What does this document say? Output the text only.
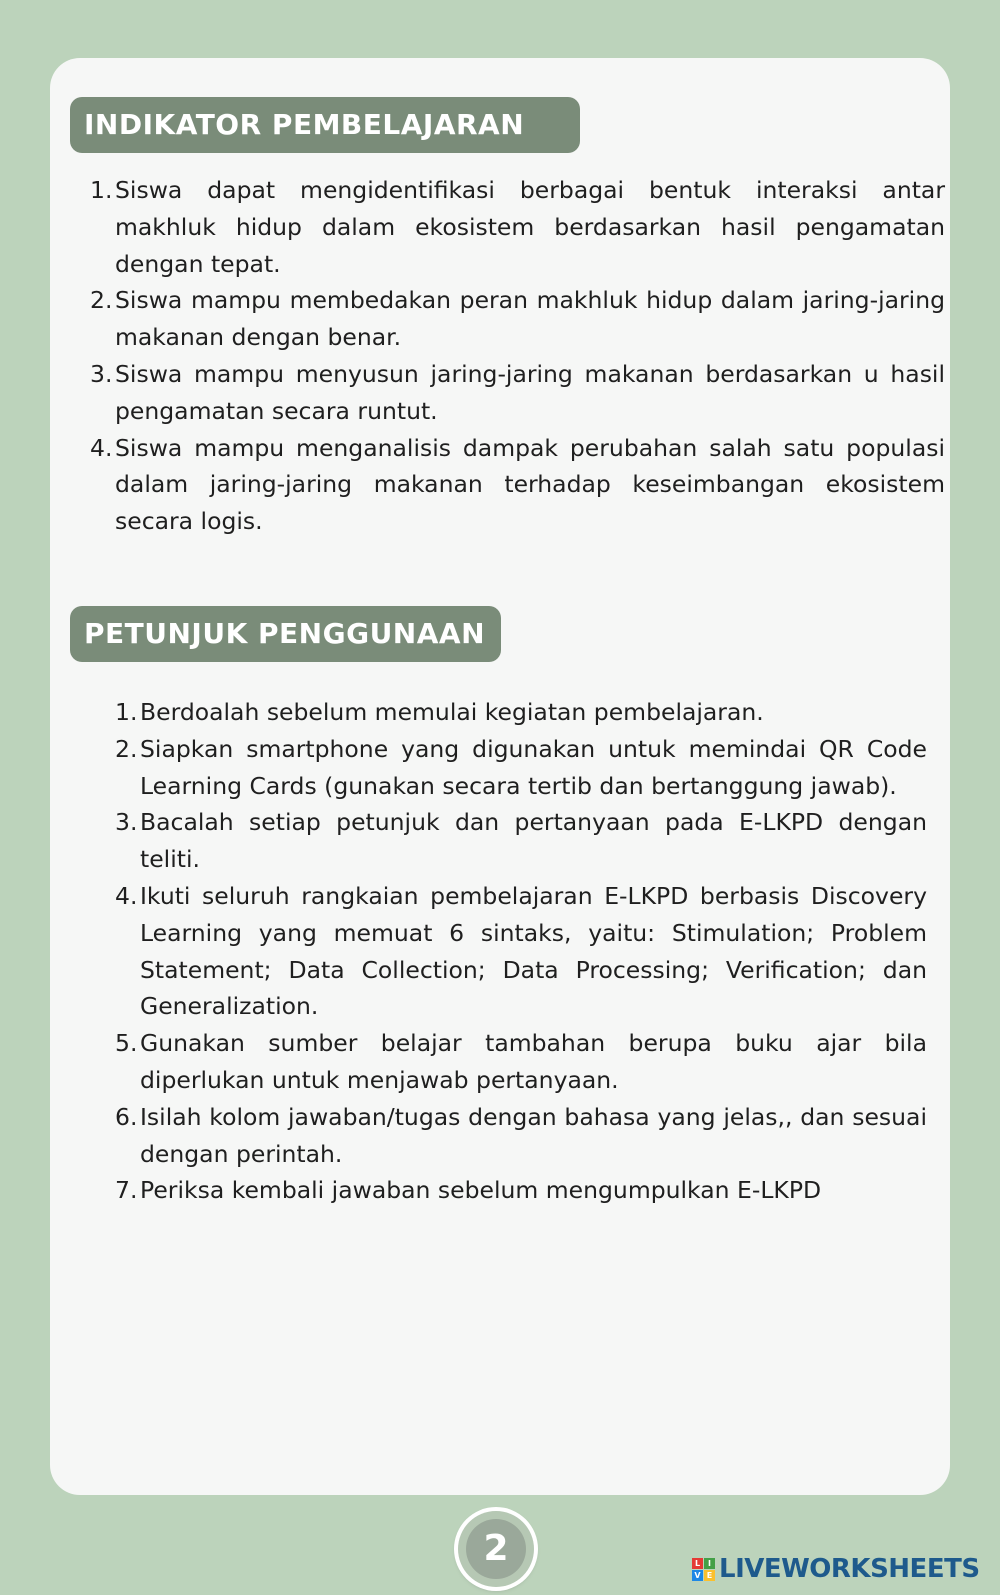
INDIKATOR PEMBELAJARAN
1. Siswa dapat mengidentifikasi berbagai bentuk interaksi antar makhluk hidup dalam ekosistem berdasarkan hasil pengamatan dengan tepat.
2. Siswa mampu membedakan peran makhluk hidup dalam jaring-jaring makanan dengan benar.
3. Siswa mampu menyusun jaring-jaring makanan berdasarkan u hasil pengamatan secara runtut.
4. Siswa mampu menganalisis dampak perubahan salah satu populasi dalam jaring-jaring makanan terhadap keseimbangan ekosistem secara logis.
PETUNJUK PENGGUNAAN
1. Berdoalah sebelum memulai kegiatan pembelajaran.
2. Siapkan smartphone yang digunakan untuk memindai QR Code Learning Cards (gunakan secara tertib dan bertanggung jawab).
3. Bacalah setiap petunjuk dan pertanyaan pada E-LKPD dengan teliti.
4. Ikuti seluruh rangkaian pembelajaran E-LKPD berbasis Discovery Learning yang memuat 6 sintaks, yaitu: Stimulation; Problem Statement; Data Collection; Data Processing; Verification; dan Generalization.
5. Gunakan sumber belajar tambahan berupa buku ajar bila diperlukan untuk menjawab pertanyaan.
6. Isilah kolom jawaban/tugas dengan bahasa yang jelas,, dan sesuai dengan perintah.
7. Periksa kembali jawaban sebelum mengumpulkan E-LKPD
2	L I
V E LIVEWORKSHEETS
